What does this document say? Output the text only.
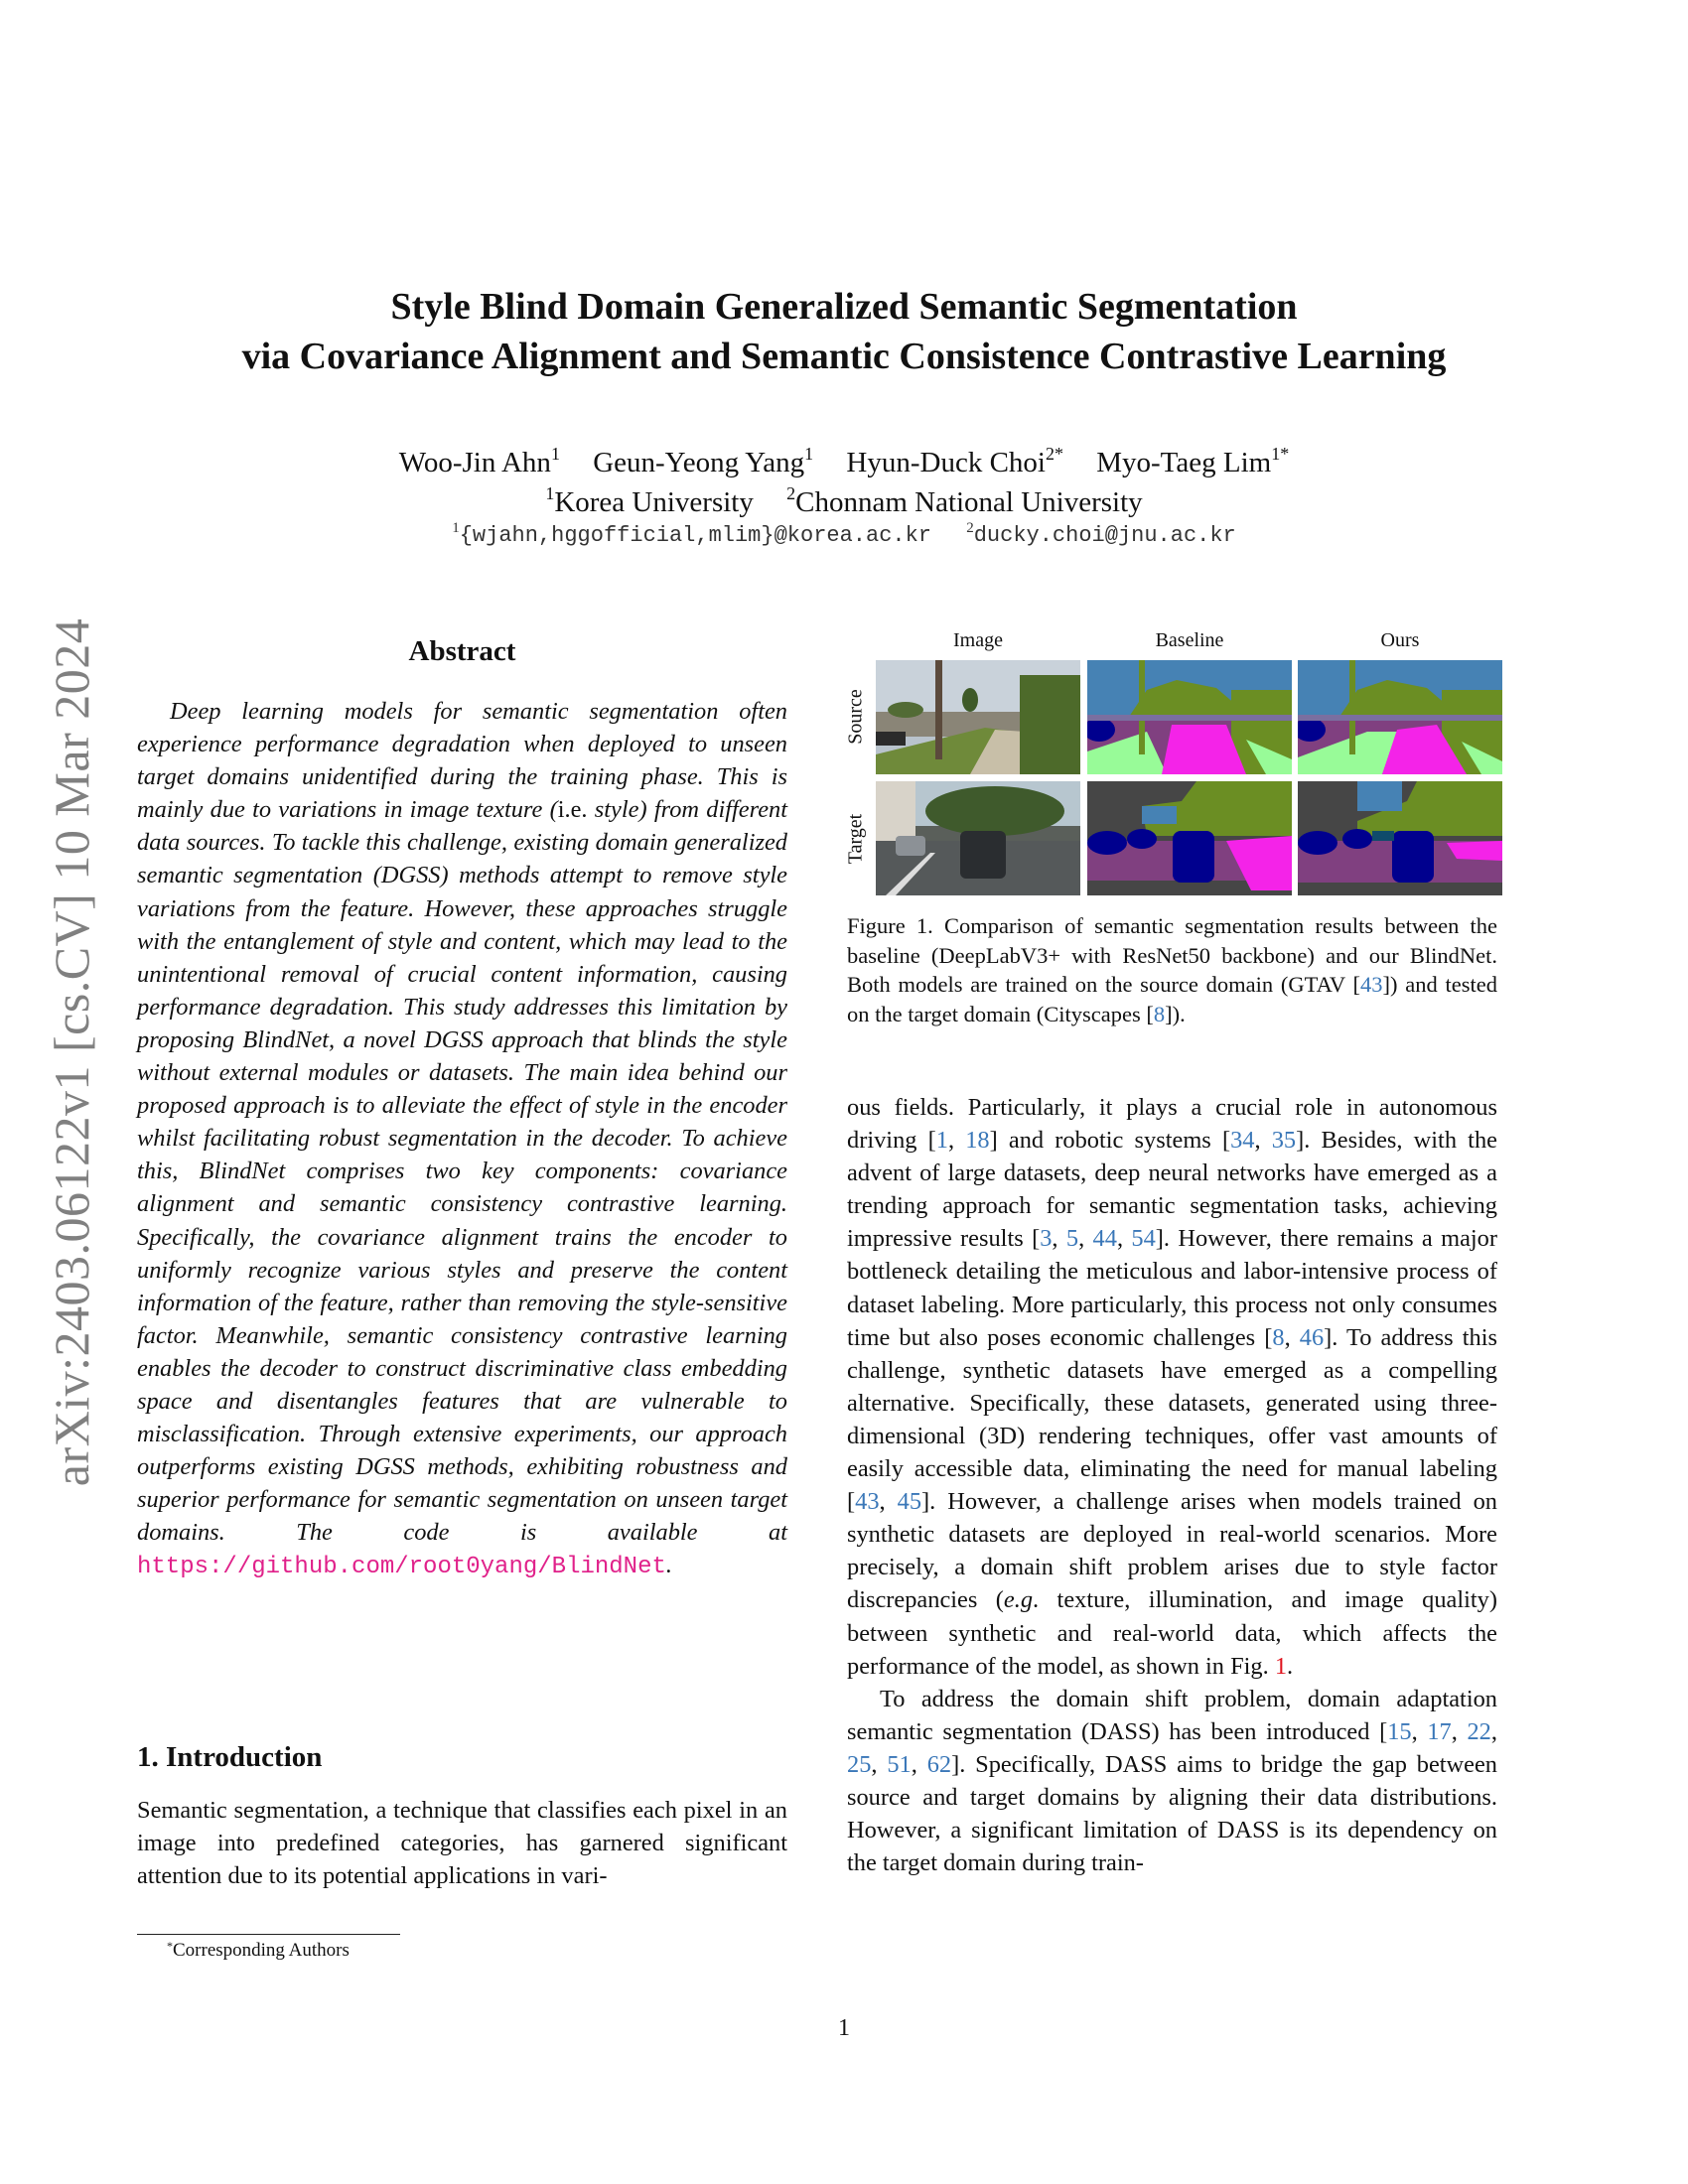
arXiv:2403.06122v1 [cs.CV] 10 Mar 2024
Style Blind Domain Generalized Semantic Segmentation
via Covariance Alignment and Semantic Consistence Contrastive Learning
Woo-Jin Ahn$^1$ Geun-Yeong Yang$^1$ Hyun-Duck Choi$^{2*}$ Myo-Taeg Lim$^{1*}$
$^1$Korea University $^2$Chonnam National University
$^1${wjahn,hggofficial,mlim}@korea.ac.kr $^2$ducky.choi@jnu.ac.kr
Abstract

Deep learning models for semantic segmentation often experience performance degradation when deployed to unseen target domains unidentified during the training phase. This is mainly due to variations in image texture (i.e. style) from different data sources. To tackle this challenge, existing domain generalized semantic segmentation (DGSS) methods attempt to remove style variations from the feature. However, these approaches struggle with the entanglement of style and content, which may lead to the unintentional removal of crucial content information, causing performance degradation. This study addresses this limitation by proposing BlindNet, a novel DGSS approach that blinds the style without external modules or datasets. The main idea behind our proposed approach is to alleviate the effect of style in the encoder whilst facilitating robust segmentation in the decoder. To achieve this, BlindNet comprises two key components: covariance alignment and semantic consistency contrastive learning. Specifically, the covariance alignment trains the encoder to uniformly recognize various styles and preserve the content information of the feature, rather than removing the style-sensitive factor. Meanwhile, semantic consistency contrastive learning enables the decoder to construct discriminative class embedding space and disentangles features that are vulnerable to misclassification. Through extensive experiments, our approach outperforms existing DGSS methods, exhibiting robustness and superior performance for semantic segmentation on unseen target domains. The code is available at https://github.com/root0yang/BlindNet.

1. Introduction

Semantic segmentation, a technique that classifies each pixel in an image into predefined categories, has garnered significant attention due to its potential applications in vari-

*Corresponding Authors
Image	Baseline	Ours
Source
Target

Figure 1. Comparison of semantic segmentation results between the baseline (DeepLabV3+ with ResNet50 backbone) and our BlindNet. Both models are trained on the source domain (GTAV [43]) and tested on the target domain (Cityscapes [8]).

ous fields. Particularly, it plays a crucial role in autonomous driving [1, 18] and robotic systems [34, 35]. Besides, with the advent of large datasets, deep neural networks have emerged as a trending approach for semantic segmentation tasks, achieving impressive results [3, 5, 44, 54]. However, there remains a major bottleneck detailing the meticulous and labor-intensive process of dataset labeling. More particularly, this process not only consumes time but also poses economic challenges [8, 46]. To address this challenge, synthetic datasets have emerged as a compelling alternative. Specifically, these datasets, generated using three-dimensional (3D) rendering techniques, offer vast amounts of easily accessible data, eliminating the need for manual labeling [43, 45]. However, a challenge arises when models trained on synthetic datasets are deployed in real-world scenarios. More precisely, a domain shift problem arises due to style factor discrepancies (e.g. texture, illumination, and image quality) between synthetic and real-world data, which affects the performance of the model, as shown in Fig. 1.

To address the domain shift problem, domain adaptation semantic segmentation (DASS) has been introduced [15, 17, 22, 25, 51, 62]. Specifically, DASS aims to bridge the gap between source and target domains by aligning their data distributions. However, a significant limitation of DASS is its dependency on the target domain during train-

1
